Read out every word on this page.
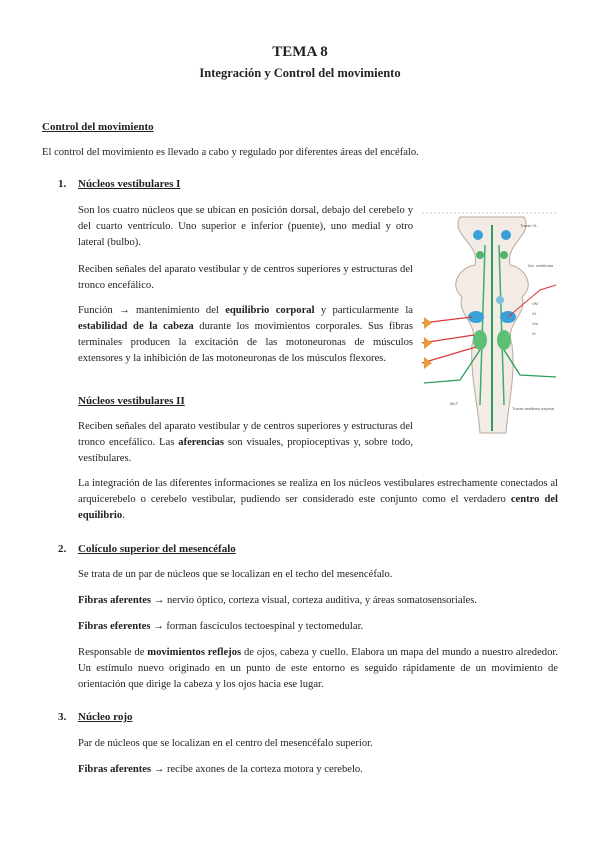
TEMA 8
Integración y Control del movimiento
Control del movimiento
El control del movimiento es llevado a cabo y regulado por diferentes áreas del encéfalo.
1. Núcleos vestibulares I
Son los cuatro núcleos que se ubican en posición dorsal, debajo del cerebelo y del cuarto ventrículo. Uno superior e inferior (puente), uno medial y otro lateral (bulbo).
Reciben señales del aparato vestibular y de centros superiores y estructuras del tronco encefálico.
Función → mantenimiento del equilibrio corporal y particularmente la estabilidad de la cabeza durante los movimientos corporales. Sus fibras terminales producen la excitación de las motoneuronas de músculos extensores y la inhibición de las motoneuronas de los músculos flexores.
Núcleos vestibulares II
Reciben señales del aparato vestibular y de centros superiores y estructuras del tronco encefálico. Las aferencias son visuales, propioceptivas y, sobre todo, vestibulares.
La integración de las diferentes informaciones se realiza en los núcleos vestibulares estrechamente conectados al arquicerebelo o cerebelo vestibular, pudiendo ser considerado este conjunto como el verdadero centro del equilibrio.
Tracto VL
Ncl. vestibular
VM
VL
Vm
Vr
MLF
Tracto vestibulo-espinal
2. Colículo superior del mesencéfalo
Se trata de un par de núcleos que se localizan en el techo del mesencéfalo.
Fibras aferentes → nervio óptico, corteza visual, corteza auditiva, y áreas somatosensoriales.
Fibras eferentes → forman fascículos tectoespinal y tectomedular.
Responsable de movimientos reflejos de ojos, cabeza y cuello. Elabora un mapa del mundo a nuestro alrededor. Un estímulo nuevo originado en un punto de este entorno es seguido rápidamente de un movimiento de orientación que dirige la cabeza y los ojos hacia ese lugar.
3. Núcleo rojo
Par de núcleos que se localizan en el centro del mesencéfalo superior.
Fibras aferentes → recibe axones de la corteza motora y cerebelo.
